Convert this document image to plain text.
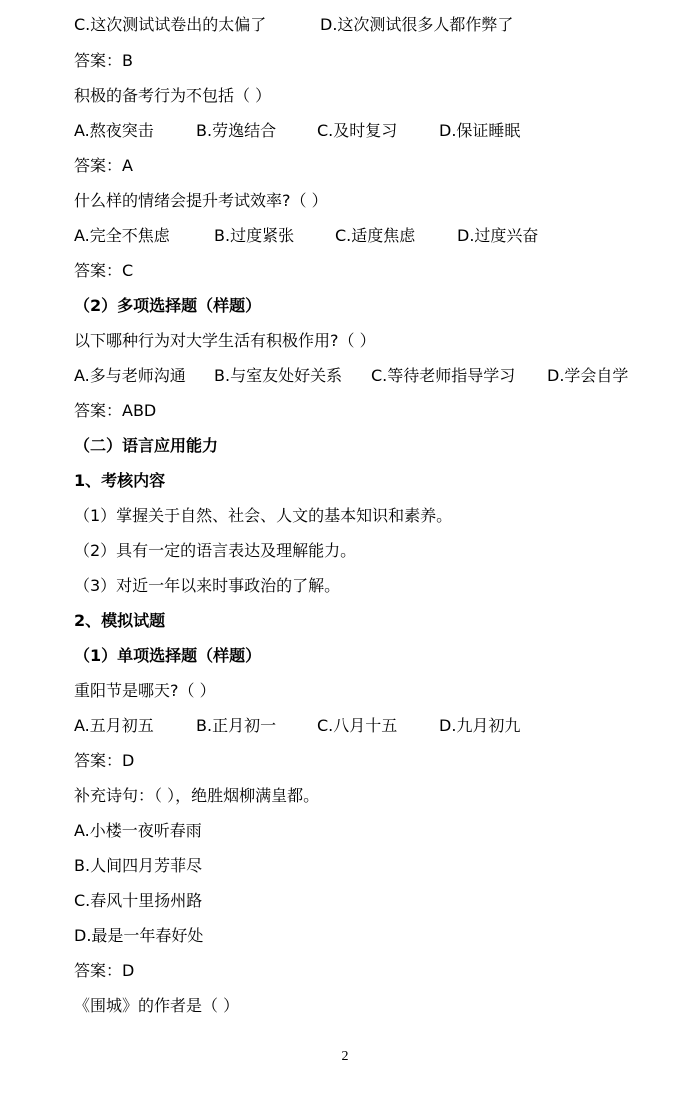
C.这次测试试卷出的太偏了	D.这次测试很多人都作弊了
答案：B
积极的备考行为不包括（ ）
A.熬夜突击	B.劳逸结合	C.及时复习	D.保证睡眠
答案：A
什么样的情绪会提升考试效率?（ ）
A.完全不焦虑	B.过度紧张	C.适度焦虑	D.过度兴奋
答案：C
（2）多项选择题（样题）
以下哪种行为对大学生活有积极作用?（ ）
A.多与老师沟通 B.与室友处好关系 C.等待老师指导学习 D.学会自学
答案：ABD
（二）语言应用能力
1、考核内容
（1）掌握关于自然、社会、人文的基本知识和素养。
（2）具有一定的语言表达及理解能力。
（3）对近一年以来时事政治的了解。
2、模拟试题
（1）单项选择题（样题）
重阳节是哪天?（ ）
A.五月初五	B.正月初一	C.八月十五	D.九月初九
答案：D
补充诗句：（ ），绝胜烟柳满皇都。
A.小楼一夜听春雨
B.人间四月芳菲尽
C.春风十里扬州路
D.最是一年春好处
答案：D
《围城》的作者是（ ）
2
